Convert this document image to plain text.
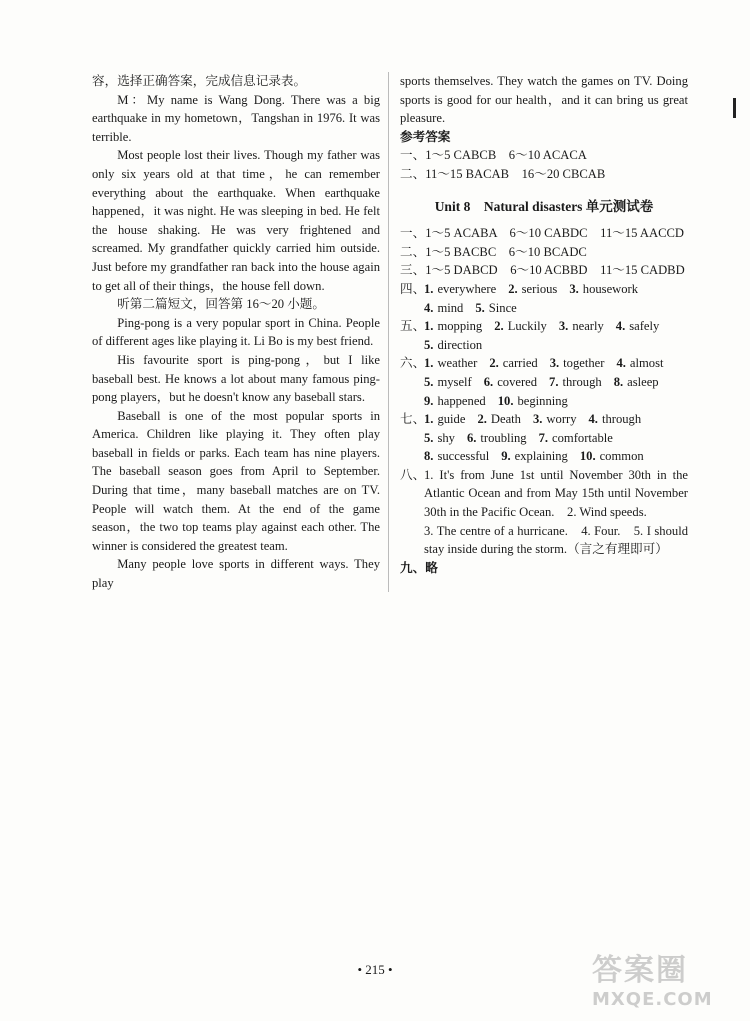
容，选择正确答案，完成信息记录表。

M：My name is Wang Dong. There was a big earthquake in my hometown，Tangshan in 1976. It was terrible.

Most people lost their lives. Though my father was only six years old at that time，he can remember everything about the earthquake. When earthquake happened，it was night. He was sleeping in bed. He felt the house shaking. He was very frightened and screamed. My grandfather quickly carried him outside. Just before my grandfather ran back into the house again to get all of their things，the house fell down.

听第二篇短文，回答第 16～20 小题。

Ping-pong is a very popular sport in China. People of different ages like playing it. Li Bo is my best friend.

His favourite sport is ping-pong，but I like baseball best. He knows a lot about many famous ping-pong players，but he doesn't know any baseball stars.

Baseball is one of the most popular sports in America. Children like playing it. They often play baseball in fields or parks. Each team has nine players. The baseball season goes from April to September. During that time，many baseball matches are on TV. People will watch them. At the end of the game season，the two top teams play against each other. The winner is considered the greatest team.

Many people love sports in different ways. They play

sports themselves. They watch the games on TV. Doing sports is good for our health，and it can bring us great pleasure.

参考答案

一、1～5 CABCB　6～10 ACACA

二、11～15 BACAB　16～20 CBCAB

Unit 8　Natural disasters 单元测试卷

一、1～5 ACABA　6～10 CABDC　11～15 AACCD

二、1～5 BACBC　6～10 BCADC

三、1～5 DABCD　6～10 ACBBD　11～15 CADBD

四、
1. everywhere 2. serious 3. housework
4. mind 5. Since
五、
1. mopping 2. Luckily 3. nearly 4. safely
5. direction
六、
1. weather 2. carried 3. together 4. almost
5. myself 6. covered 7. through 8. asleep
9. happened 10. beginning
七、
1. guide 2. Death 3. worry 4. through
5. shy 6. troubling 7. comfortable
8. successful 9. explaining 10. common
八、

1. It's from June 1st until November 30th in the Atlantic Ocean and from May 15th until November 30th in the Pacific Ocean.　2. Wind speeds.

3. The centre of a hurricane.　4. Four.　5. I should stay inside during the storm.（言之有理即可）

九、略

• 215 •	答案圈
MXQE.COM
